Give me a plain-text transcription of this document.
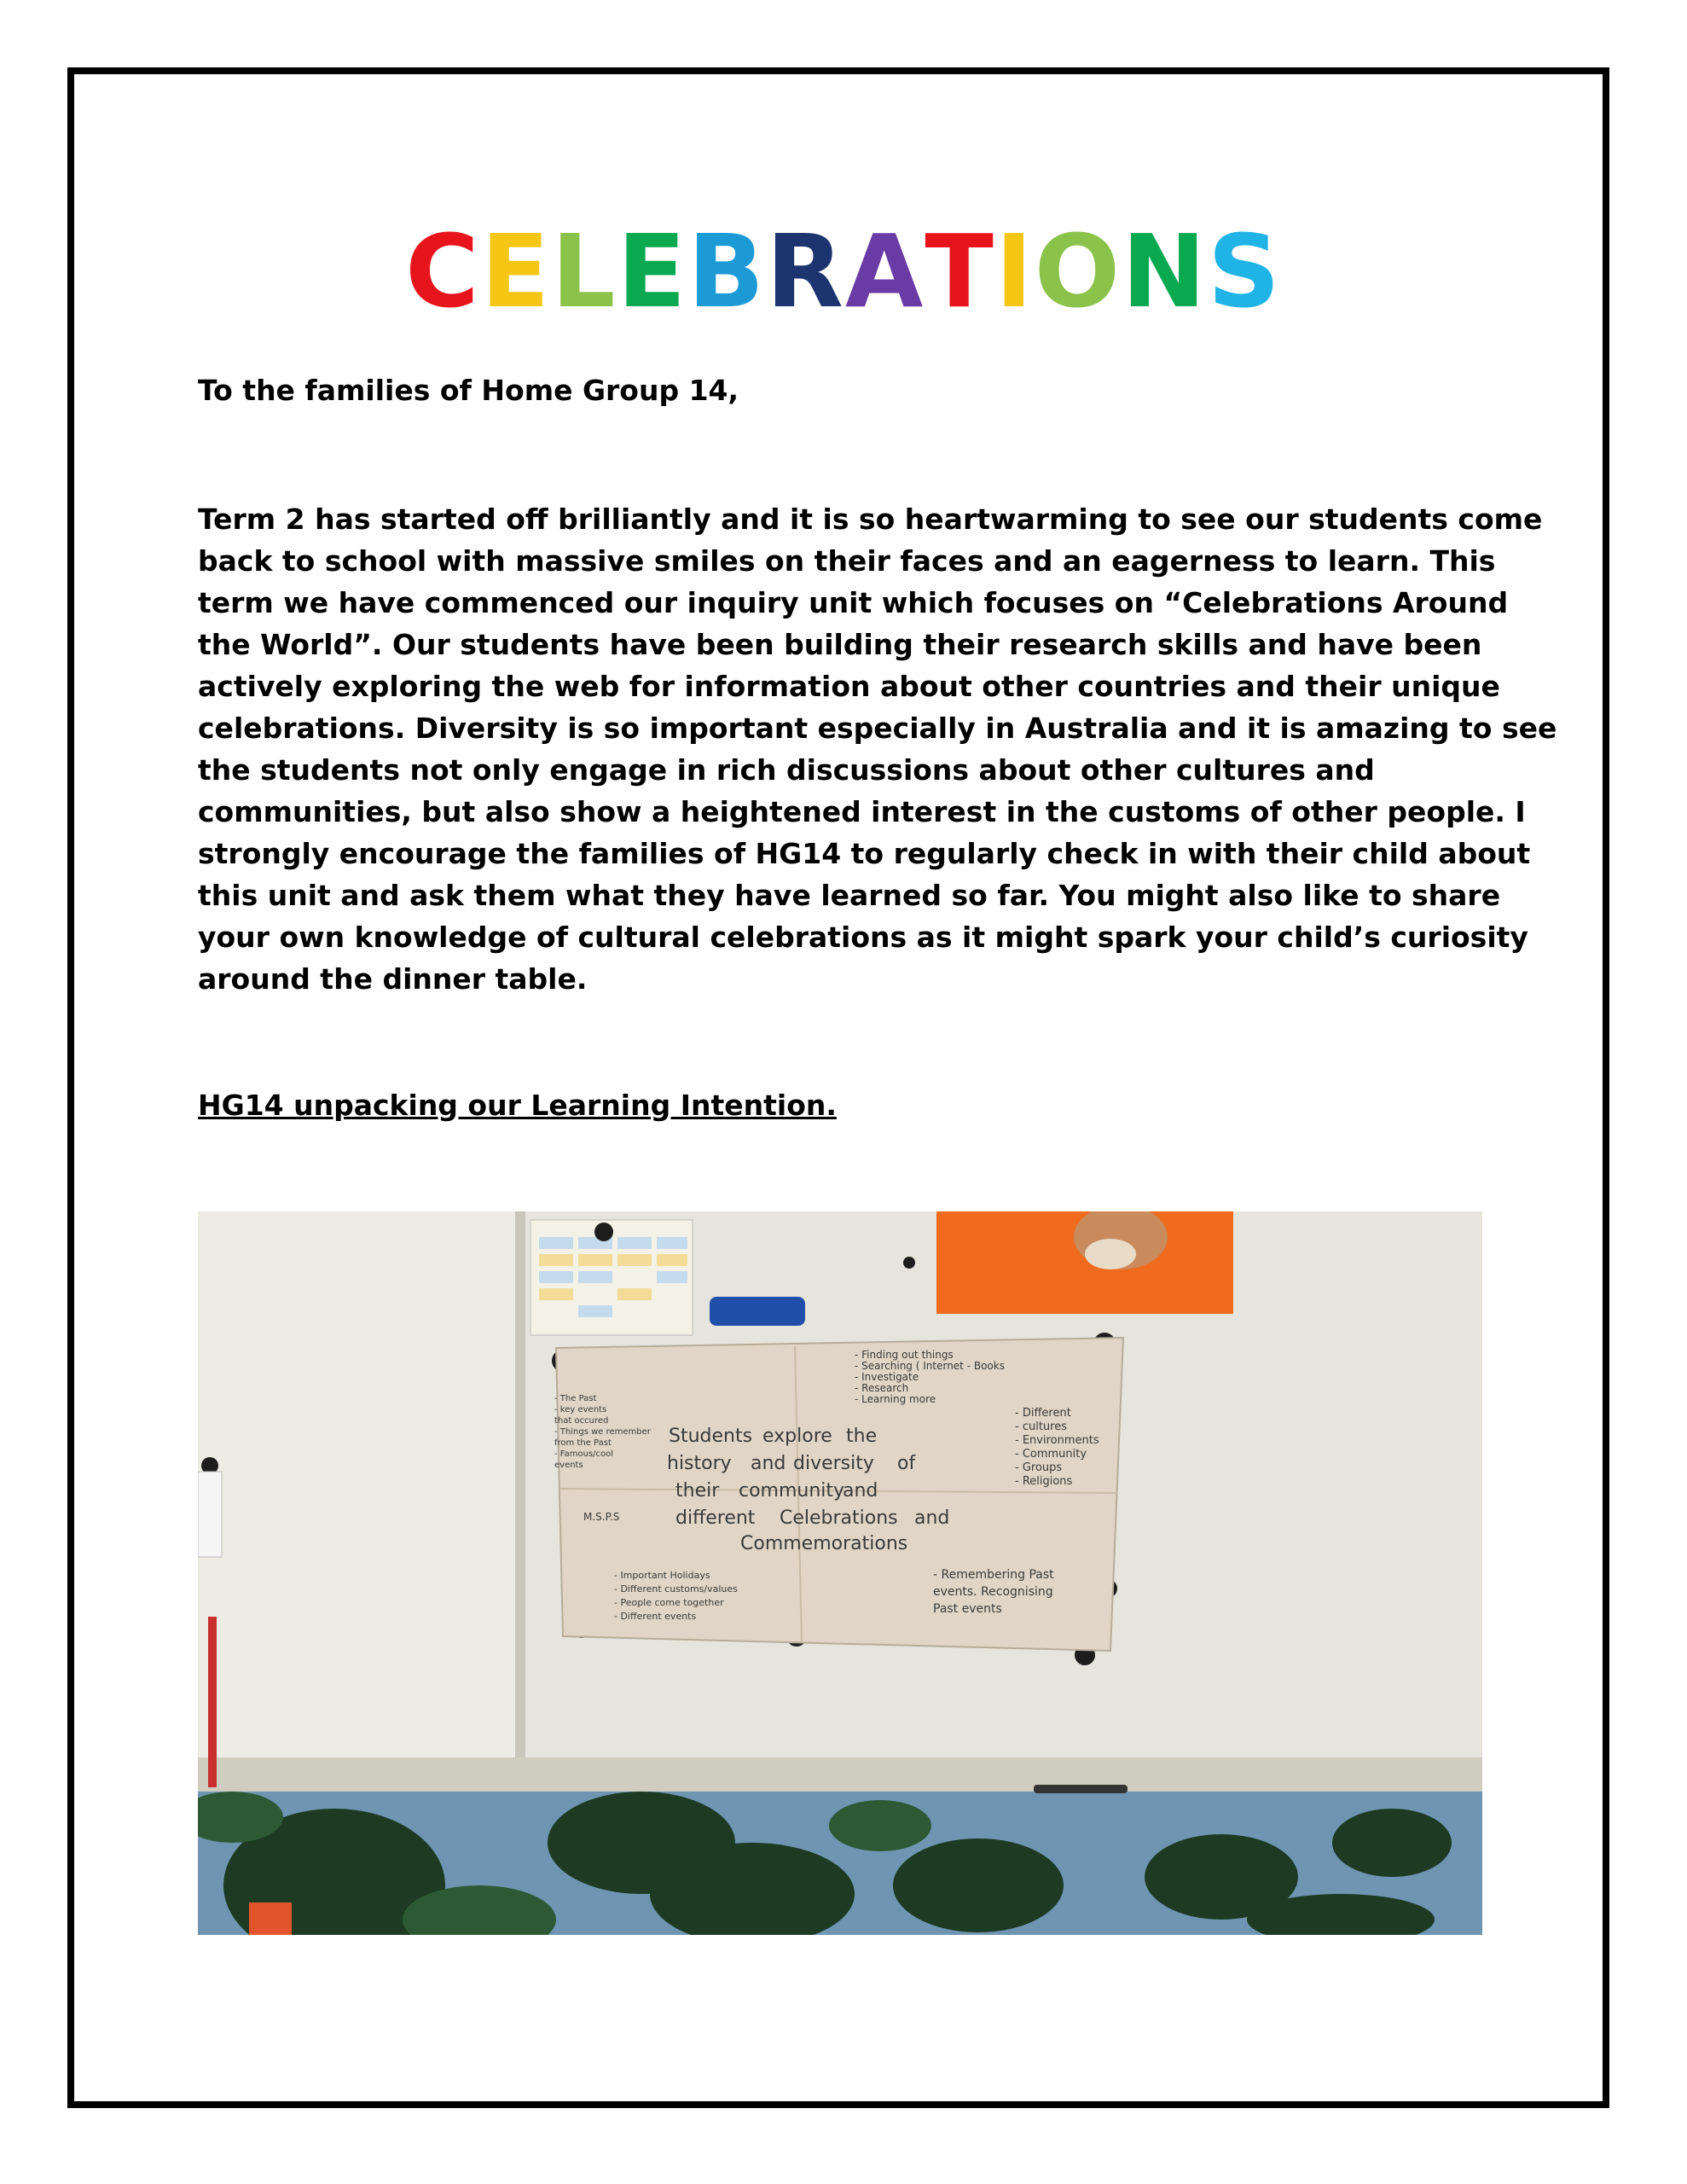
CELEBRATIONS
To the families of Home Group 14,
Term 2 has started off brilliantly and it is so heartwarming to see our students come
back to school with massive smiles on their faces and an eagerness to learn. This
term we have commenced our inquiry unit which focuses on “Celebrations Around
the World”. Our students have been building their research skills and have been
actively exploring the web for information about other countries and their unique
celebrations. Diversity is so important especially in Australia and it is amazing to see
the students not only engage in rich discussions about other cultures and
communities, but also show a heightened interest in the customs of other people. I
strongly encourage the families of HG14 to regularly check in with their child about
this unit and ask them what they have learned so far. You might also like to share
your own knowledge of cultural celebrations as it might spark your child’s curiosity
around the dinner table.
HG14 unpacking our Learning Intention.
- Finding out things
- Searching ( Internet - Books
- Investigate
- Research
- Learning more
- The Past
- key events
that occured
- Things we remember
from the Past
- Famous/cool
events
- Different
- cultures
- Environments
- Community
- Groups
- Religions
- Important Holidays
- Different customs/values
- People come together
- Different events
- Remembering Past
events. Recognising
Past events
M.S.P.S
Students explore the
history and diversity of
their community
and
different Celebrations and
Commemorations
